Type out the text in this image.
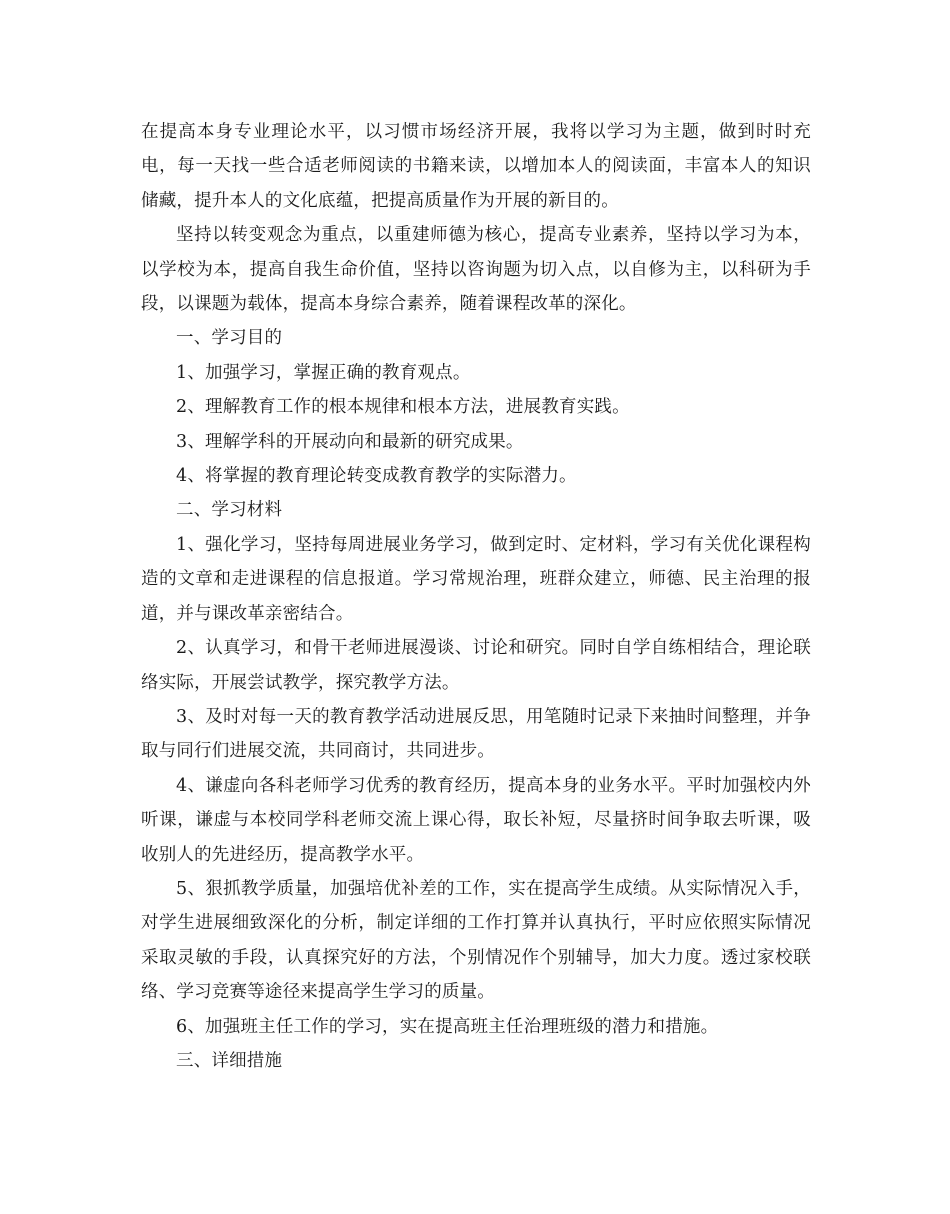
在提高本身专业理论水平，以习惯市场经济开展，我将以学习为主题，做到时时充电，每一天找一些合适老师阅读的书籍来读，以增加本人的阅读面，丰富本人的知识储藏，提升本人的文化底蕴，把提高质量作为开展的新目的。

坚持以转变观念为重点，以重建师德为核心，提高专业素养，坚持以学习为本，以学校为本，提高自我生命价值，坚持以咨询题为切入点，以自修为主，以科研为手段，以课题为载体，提高本身综合素养，随着课程改革的深化。

一、学习目的

1、加强学习，掌握正确的教育观点。

2、理解教育工作的根本规律和根本方法，进展教育实践。

3、理解学科的开展动向和最新的研究成果。

4、将掌握的教育理论转变成教育教学的实际潜力。

二、学习材料

1、强化学习，坚持每周进展业务学习，做到定时、定材料，学习有关优化课程构造的文章和走进课程的信息报道。学习常规治理，班群众建立，师德、民主治理的报道，并与课改革亲密结合。

2、认真学习，和骨干老师进展漫谈、讨论和研究。同时自学自练相结合，理论联络实际，开展尝试教学，探究教学方法。

3、及时对每一天的教育教学活动进展反思，用笔随时记录下来抽时间整理，并争取与同行们进展交流，共同商讨，共同进步。

4、谦虚向各科老师学习优秀的教育经历，提高本身的业务水平。平时加强校内外听课，谦虚与本校同学科老师交流上课心得，取长补短，尽量挤时间争取去听课，吸收别人的先进经历，提高教学水平。

5、狠抓教学质量，加强培优补差的工作，实在提高学生成绩。从实际情况入手，对学生进展细致深化的分析，制定详细的工作打算并认真执行，平时应依照实际情况采取灵敏的手段，认真探究好的方法，个别情况作个别辅导，加大力度。透过家校联络、学习竞赛等途径来提高学生学习的质量。

6、加强班主任工作的学习，实在提高班主任治理班级的潜力和措施。

三、详细措施
